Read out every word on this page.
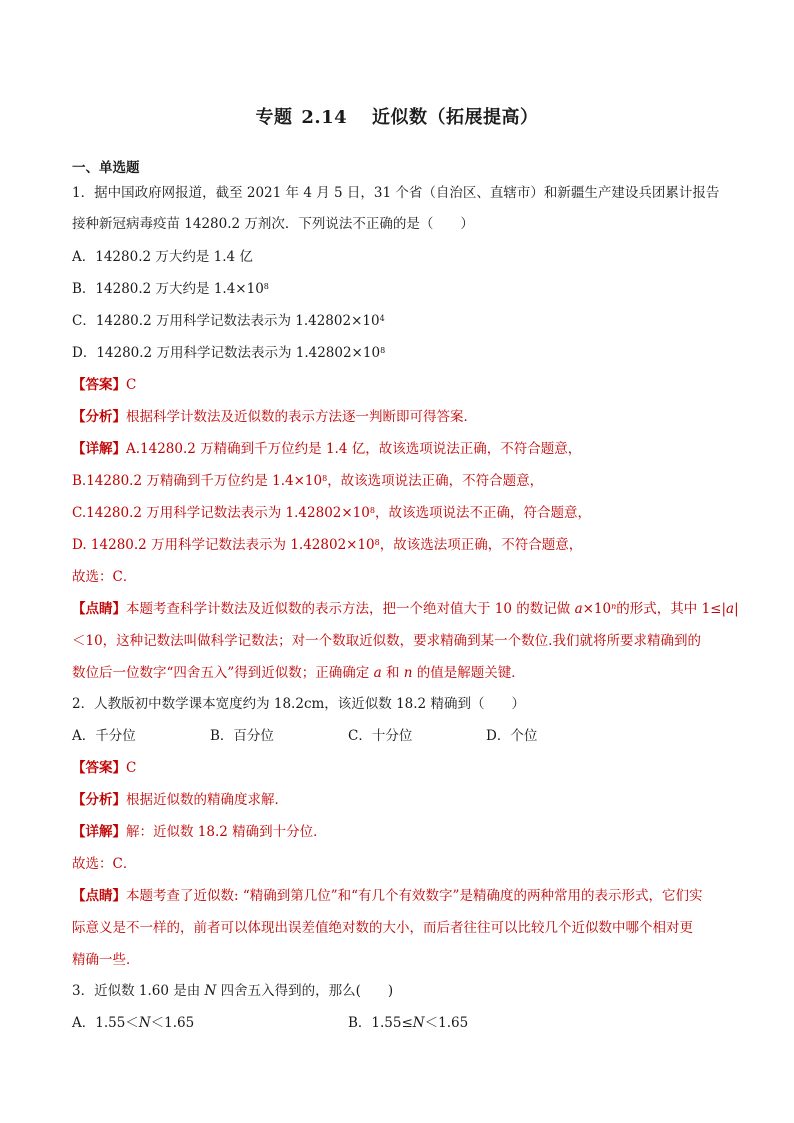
专题 2.14 近似数（拓展提高）
一、单选题
1．据中国政府网报道，截至 2021 年 4 月 5 日，31 个省（自治区、直辖市）和新疆生产建设兵团累计报告
接种新冠病毒疫苗 14280.2 万剂次．下列说法不正确的是（　　）
A．14280.2 万大约是 1.4 亿
B．14280.2 万大约是 $1.4\times 10^8$
C．14280.2 万用科学记数法表示为 $1.42802\times 10^4$
D．14280.2 万用科学记数法表示为 $1.42802\times 10^8$
【答案】C
【分析】根据科学计数法及近似数的表示方法逐一判断即可得答案．
【详解】A.14280.2 万精确到千万位约是 1.4 亿，故该选项说法正确，不符合题意，
B.14280.2 万精确到千万位约是 $1.4\times 10^8$，故该选项说法正确，不符合题意，
C.14280.2 万用科学记数法表示为 $1.42802\times 10^8$，故该选项说法不正确，符合题意，
D. 14280.2 万用科学记数法表示为 $1.42802\times 10^8$，故该选法项正确，不符合题意，
故选：C．
【点睛】本题考查科学计数法及近似数的表示方法，把一个绝对值大于 10 的数记做 $a\times 10^n$的形式，其中 1≤|a|
＜10，这种记数法叫做科学记数法；对一个数取近似数，要求精确到某一个数位.我们就将所要求精确到的
数位后一位数字“四舍五入”得到近似数；正确确定 a 和 n 的值是解题关键．
2．人教版初中数学课本宽度约为 18.2cm，该近似数 18.2 精确到（　　）
A．千分位	B．百分位	C．十分位	D．个位
【答案】C
【分析】根据近似数的精确度求解．
【详解】解：近似数 18.2 精确到十分位．
故选：C．
【点睛】本题考查了近似数: “精确到第几位”和“有几个有效数字”是精确度的两种常用的表示形式，它们实
际意义是不一样的，前者可以体现出误差值绝对数的大小，而后者往往可以比较几个近似数中哪个相对更
精确一些．
3．近似数 1.60 是由 N 四舍五入得到的，那么(　　)
A．1.55＜N＜1.65	B．1.55≤N＜1.65
